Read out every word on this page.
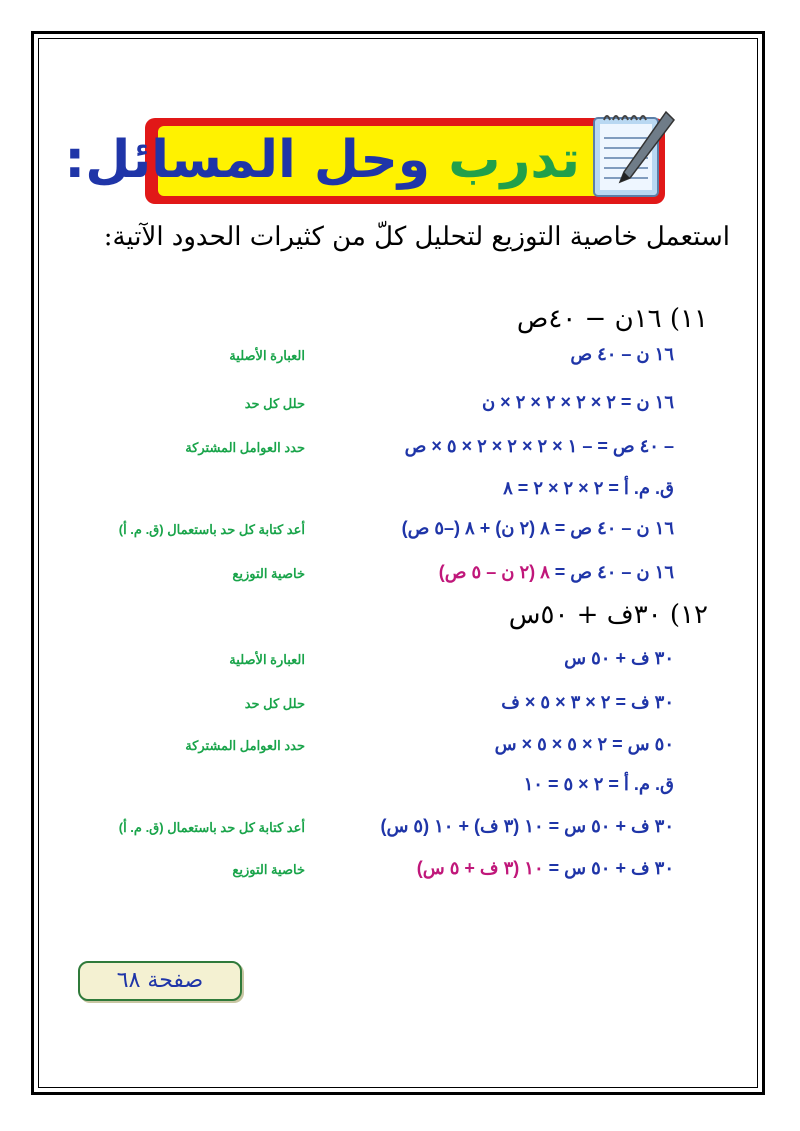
تدرب وحل المسائل:
استعمل خاصية التوزيع لتحليل كلّ من كثيرات الحدود الآتية:
١١) ١٦ن − ٤٠ص
١٦ ن – ٤٠ ص
العبارة الأصلية
١٦ ن = ٢ × ٢ × ٢ × ٢ × ن
حلل كل حد
– ٤٠ ص = – ١ × ٢ × ٢ × ٢ × ٥ × ص
حدد العوامل المشتركة
ق. م. أ = ٢ × ٢ × ٢ = ٨
١٦ ن – ٤٠ ص = ٨ (٢ ن) + ٨ (–٥ ص)
أعد كتابة كل حد باستعمال (ق. م. أ)
١٦ ن – ٤٠ ص = ٨ (٢ ن – ٥ ص)
خاصية التوزيع
١٢) ٣٠ف + ٥٠س
٣٠ ف + ٥٠ س
العبارة الأصلية
٣٠ ف = ٢ × ٣ × ٥ × ف
حلل كل حد
٥٠ س = ٢ × ٥ × ٥ × س
حدد العوامل المشتركة
ق. م. أ = ٢ × ٥ = ١٠
٣٠ ف + ٥٠ س = ١٠ (٣ ف) + ١٠ (٥ س)
أعد كتابة كل حد باستعمال (ق. م. أ)
٣٠ ف + ٥٠ س = ١٠ (٣ ف + ٥ س)
خاصية التوزيع
صفحة ٦٨
